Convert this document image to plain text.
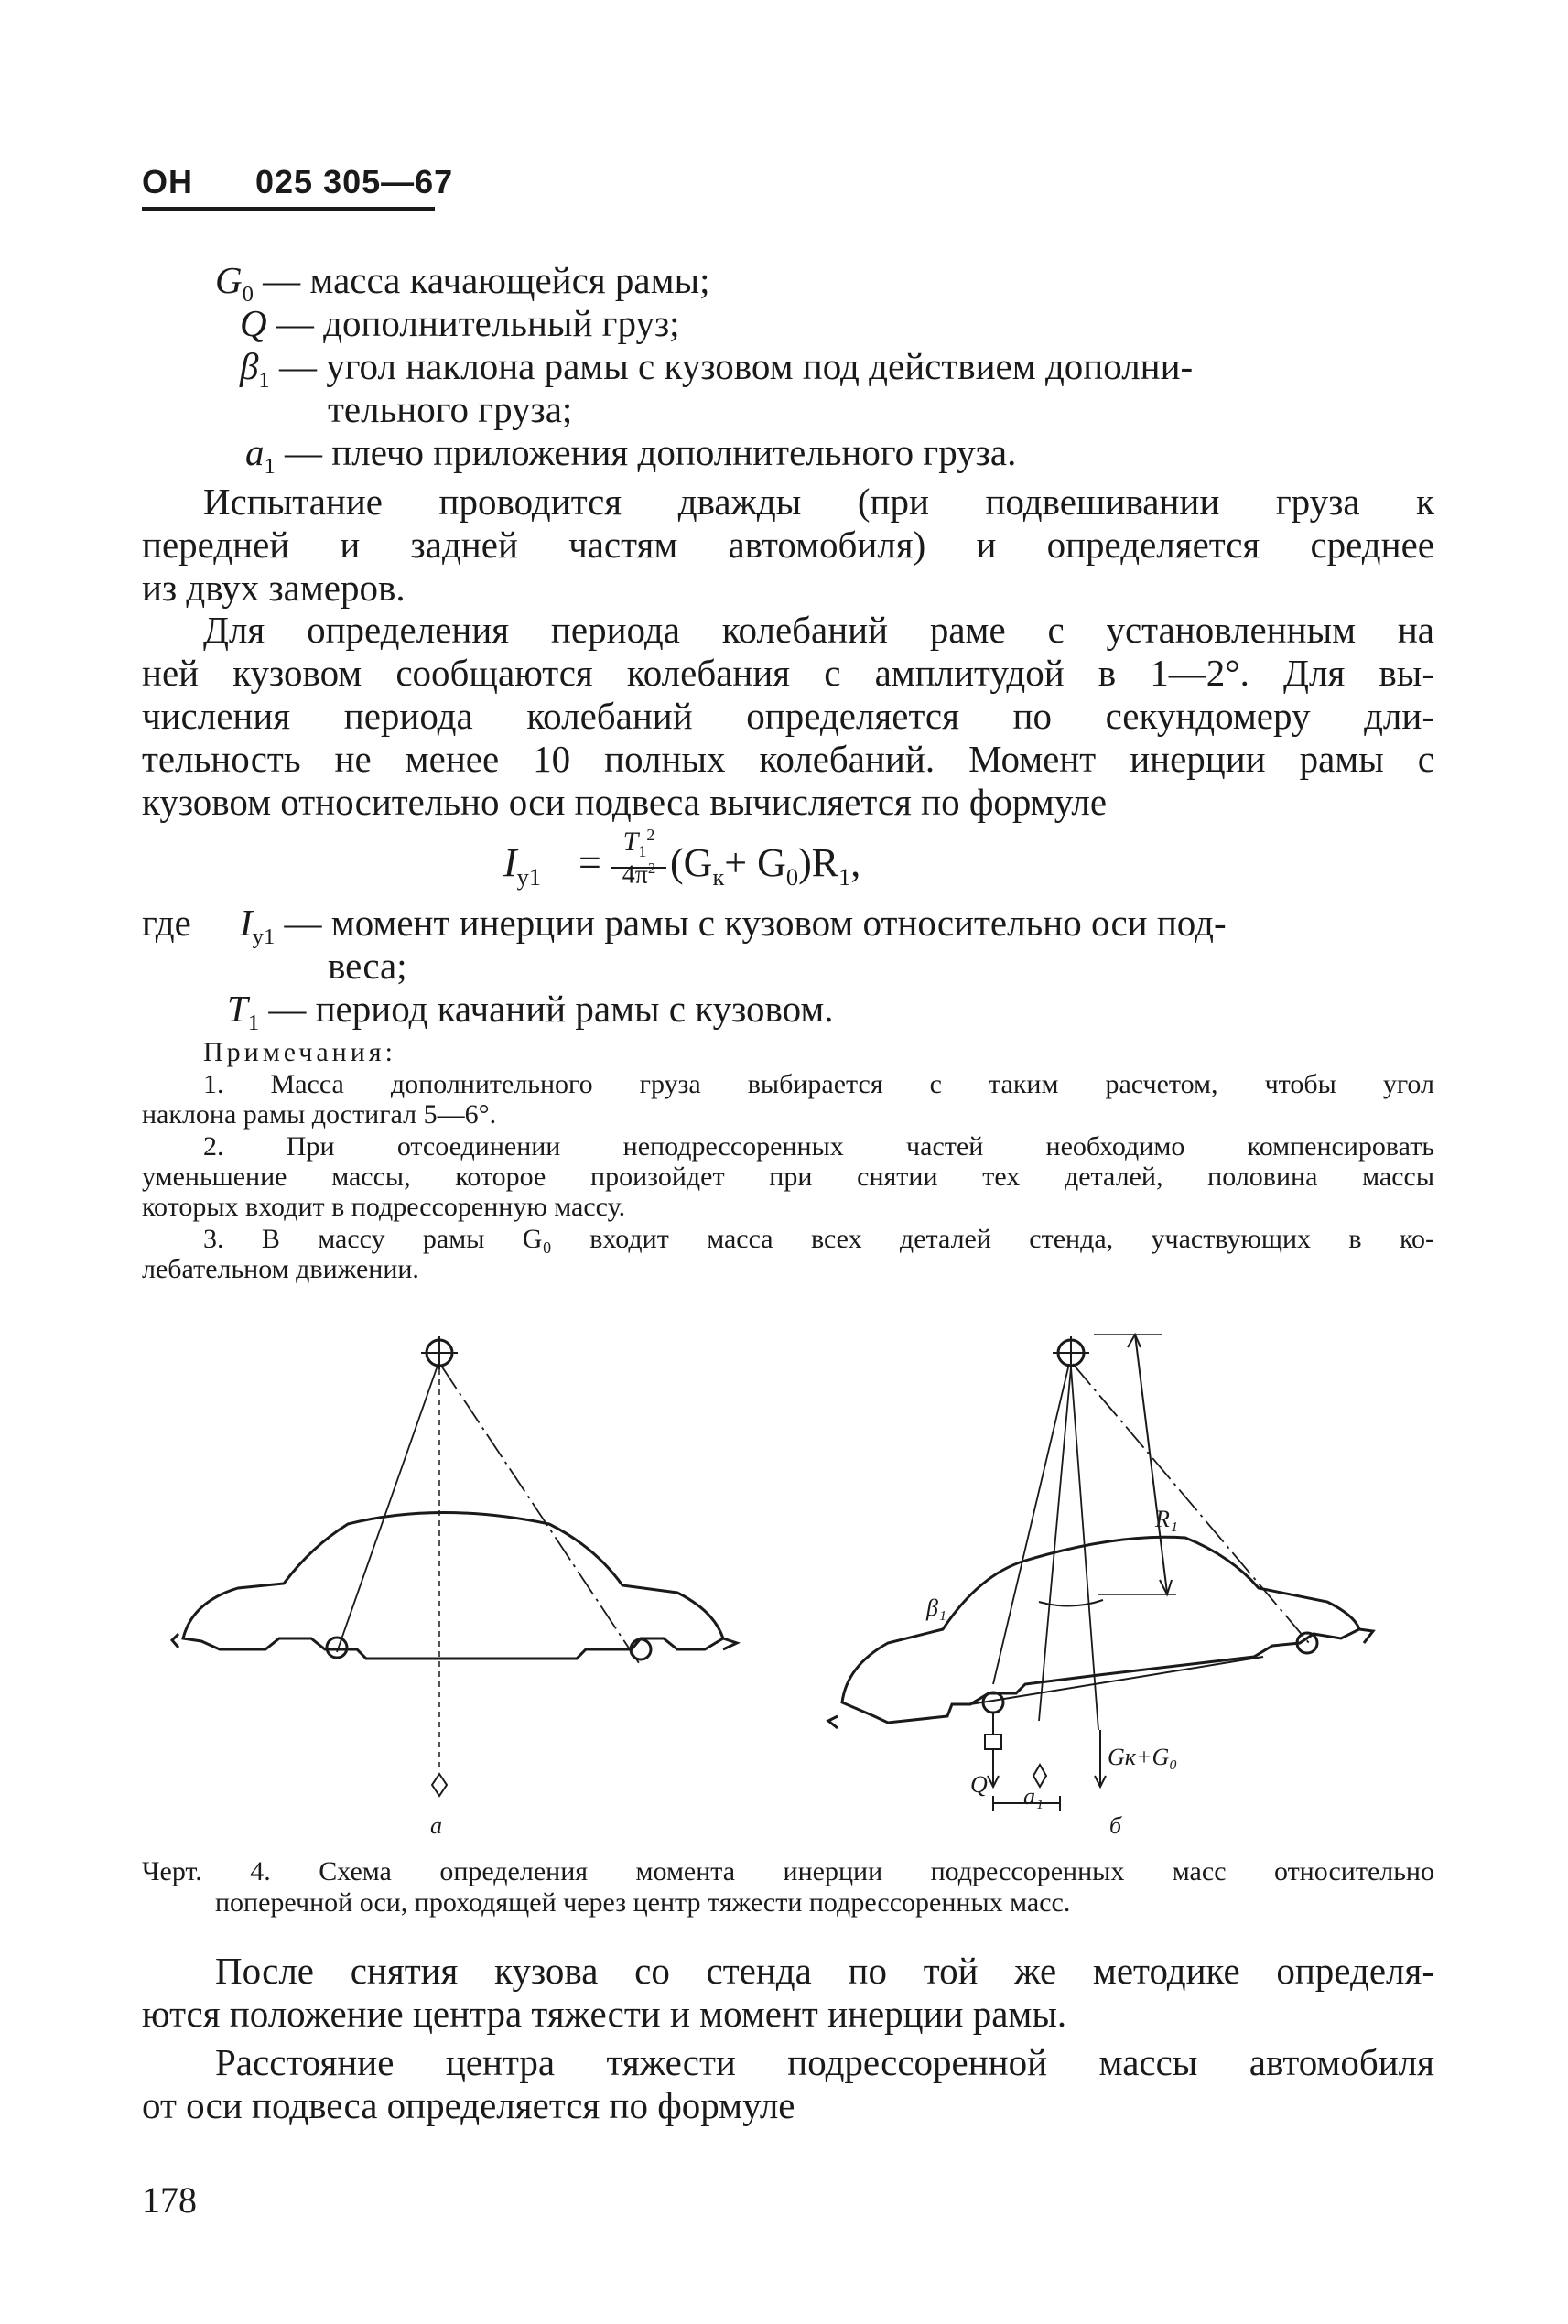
ОН 025 305—67
$G_0$ — масса качающейся рамы;
Q — дополнительный груз;
$\beta_1$ — угол наклона рамы с кузовом под действием дополни-
тельного груза;
$a_1$ — плечо приложения дополнительного груза.
Испытание проводится дважды (при подвешивании груза к
передней и задней частям автомобиля) и определяется среднее
из двух замеров.
Для определения периода колебаний раме с установленным на
ней кузовом сообщаются колебания с амплитудой в 1—2°. Для вы-
числения периода колебаний определяется по секундомеру дли-
тельность не менее 10 полных колебаний. Момент инерции рамы с
кузовом относительно оси подвеса вычисляется по формуле
$I_{y1} = T_1^2$
$4\pi^2$ $(G_к+ G_0)R_1$,
где $I_{y1}$ — момент инерции рамы с кузовом относительно оси под-
веса;
$T_1$ — период качаний рамы с кузовом.
Примечания:
1. Масса дополнительного груза выбирается с таким расчетом, чтобы угол
наклона рамы достигал 5—6°.
2. При отсоединении неподрессоренных частей необходимо компенсировать
уменьшение массы, которое произойдет при снятии тех деталей, половина массы
которых входит в подрессоренную массу.
3. В массу рамы G₀ входит масса всех деталей стенда, участвующих в ко-
лебательном движении.
β₁
R₁
Q a₁
Gк+G₀
а	б
Черт. 4. Схема определения момента инерции подрессоренных масс относительно
поперечной оси, проходящей через центр тяжести подрессоренных масс.
После снятия кузова со стенда по той же методике определя-
ются положение центра тяжести и момент инерции рамы.
Расстояние центра тяжести подрессоренной массы автомобиля
от оси подвеса определяется по формуле
178
